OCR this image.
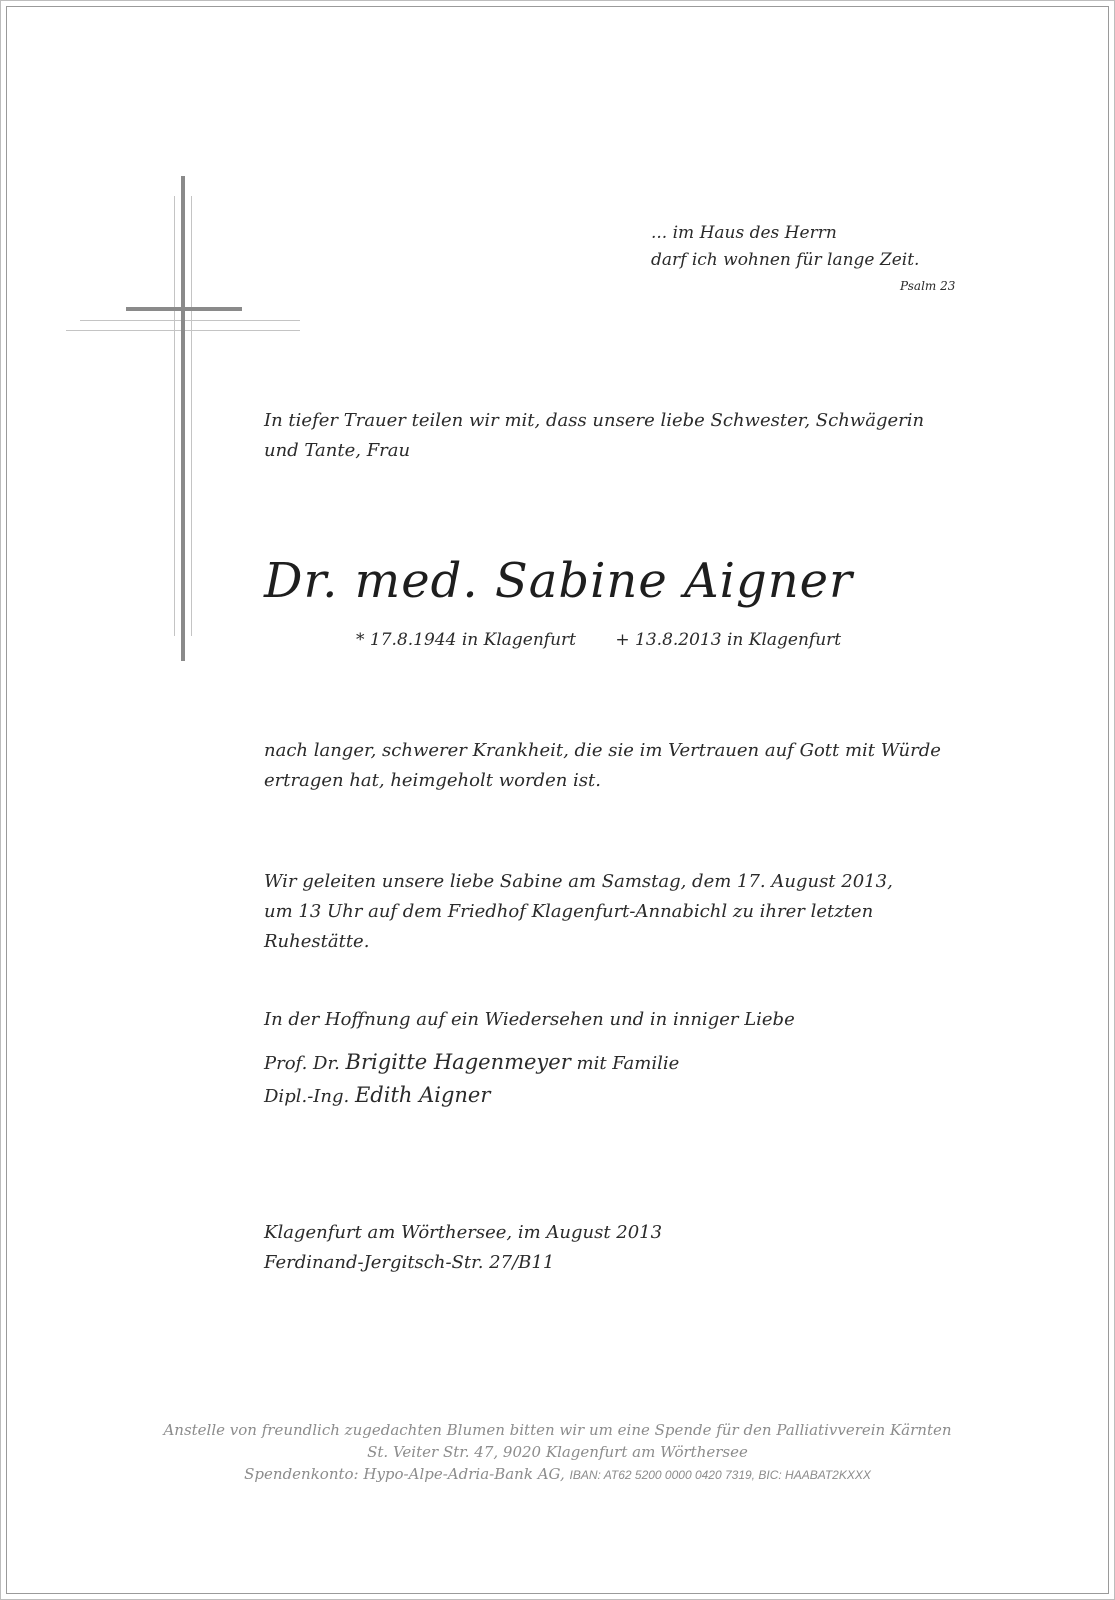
... im Haus des Herrn
darf ich wohnen für lange Zeit.
Psalm 23
In tiefer Trauer teilen wir mit, dass unsere liebe Schwester, Schwägerin
und Tante, Frau
Dr. med. Sabine Aigner
* 17.8.1944 in Klagenfurt + 13.8.2013 in Klagenfurt
nach langer, schwerer Krankheit, die sie im Vertrauen auf Gott mit Würde
ertragen hat, heimgeholt worden ist.
Wir geleiten unsere liebe Sabine am Samstag, dem 17. August 2013,
um 13 Uhr auf dem Friedhof Klagenfurt-Annabichl zu ihrer letzten
Ruhestätte.
In der Hoffnung auf ein Wiedersehen und in inniger Liebe
Prof. Dr. Brigitte Hagenmeyer mit Familie
Dipl.-Ing. Edith Aigner
Klagenfurt am Wörthersee, im August 2013
Ferdinand-Jergitsch-Str. 27/B11
Anstelle von freundlich zugedachten Blumen bitten wir um eine Spende für den Palliativverein Kärnten
St. Veiter Str. 47, 9020 Klagenfurt am Wörthersee
Spendenkonto: Hypo-Alpe-Adria-Bank AG, IBAN: AT62 5200 0000 0420 7319, BIC: HAABAT2KXXX
